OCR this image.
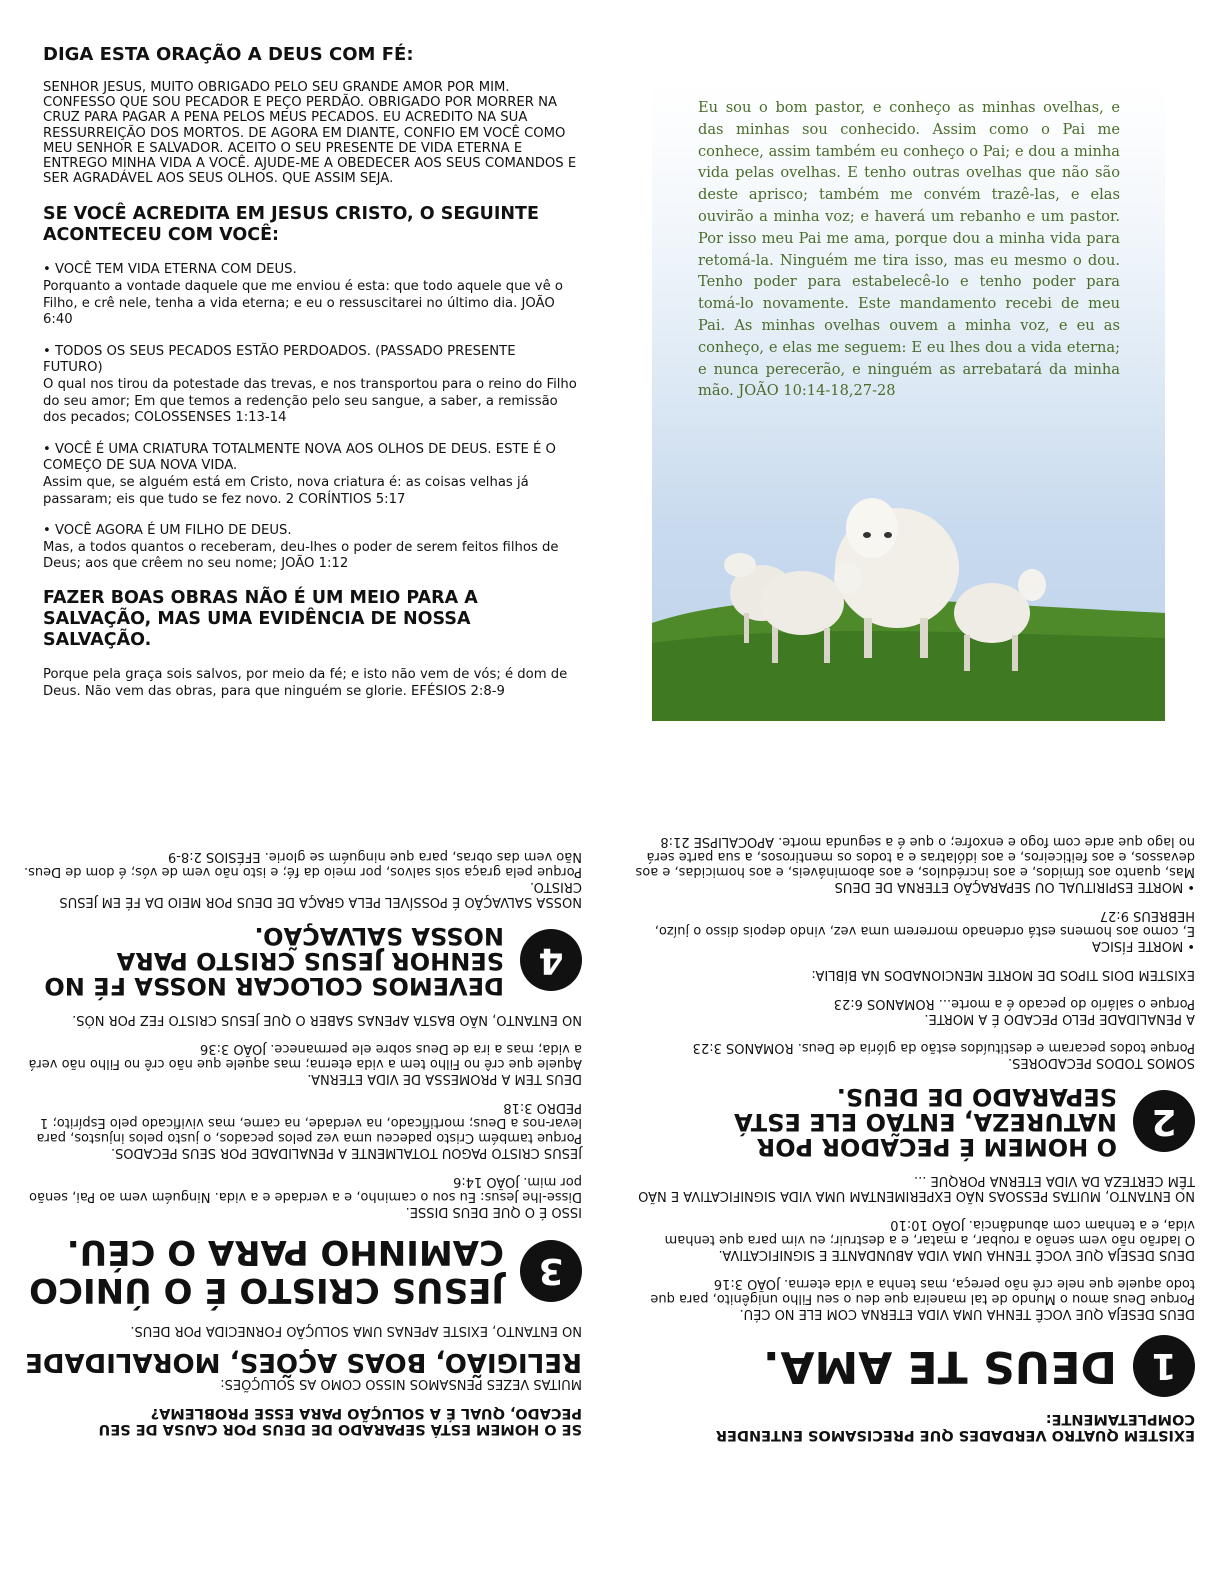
DIGA ESTA ORAÇÃO A DEUS COM FÉ:
SENHOR JESUS, MUITO OBRIGADO PELO SEU GRANDE AMOR POR MIM. CONFESSO QUE SOU PECADOR E PEÇO PERDÃO. OBRIGADO POR MORRER NA CRUZ PARA PAGAR A PENA PELOS MEUS PECADOS. EU ACREDITO NA SUA RESSURREIÇÃO DOS MORTOS. DE AGORA EM DIANTE, CONFIO EM VOCÊ COMO MEU SENHOR E SALVADOR. ACEITO O SEU PRESENTE DE VIDA ETERNA E ENTREGO MINHA VIDA A VOCÊ. AJUDE-ME A OBEDECER AOS SEUS COMANDOS E SER AGRADÁVEL AOS SEUS OLHOS. QUE ASSIM SEJA.
SE VOCÊ ACREDITA EM JESUS CRISTO, O SEGUINTE ACONTECEU COM VOCÊ:
• VOCÊ TEM VIDA ETERNA COM DEUS.
Porquanto a vontade daquele que me enviou é esta: que todo aquele que vê o Filho, e crê nele, tenha a vida eterna; e eu o ressuscitarei no último dia. JOÃO 6:40
• TODOS OS SEUS PECADOS ESTÃO PERDOADOS. (PASSADO PRESENTE FUTURO)
O qual nos tirou da potestade das trevas, e nos transportou para o reino do Filho do seu amor; Em que temos a redenção pelo seu sangue, a saber, a remissão dos pecados; COLOSSENSES 1:13-14
• VOCÊ É UMA CRIATURA TOTALMENTE NOVA AOS OLHOS DE DEUS. ESTE É O COMEÇO DE SUA NOVA VIDA.
Assim que, se alguém está em Cristo, nova criatura é: as coisas velhas já passaram; eis que tudo se fez novo. 2 CORÍNTIOS 5:17
• VOCÊ AGORA É UM FILHO DE DEUS.
Mas, a todos quantos o receberam, deu-lhes o poder de serem feitos filhos de Deus; aos que crêem no seu nome; JOÃO 1:12
FAZER BOAS OBRAS NÃO É UM MEIO PARA A SALVAÇÃO, MAS UMA EVIDÊNCIA DE NOSSA SALVAÇÃO.
Porque pela graça sois salvos, por meio da fé; e isto não vem de vós; é dom de Deus. Não vem das obras, para que ninguém se glorie. EFÉSIOS 2:8-9
Eu sou o bom pastor, e conheço as minhas ovelhas, e das minhas sou conhecido. Assim como o Pai me conhece, assim também eu conheço o Pai; e dou a minha vida pelas ovelhas. E tenho outras ovelhas que não são deste aprisco; também me convém trazê-las, e elas ouvirão a minha voz; e haverá um rebanho e um pastor. Por isso meu Pai me ama, porque dou a minha vida para retomá-la. Ninguém me tira isso, mas eu mesmo o dou. Tenho poder para estabelecê-lo e tenho poder para tomá-lo novamente. Este mandamento recebi de meu Pai. As minhas ovelhas ouvem a minha voz, e eu as conheço, e elas me seguem: E eu lhes dou a vida eterna; e nunca perecerão, e ninguém as arrebatará da minha mão. JOÃO 10:14-18,27-28
EXISTEM QUATRO VERDADES QUE PRECISAMOS ENTENDER COMPLETAMENTE:
1
DEUS TE AMA.
DEUS DESEJA QUE VOCÊ TENHA UMA VIDA ETERNA COM ELE NO CÉU.
Porque Deus amou o Mundo de tal maneira que deu o seu Filho unigênito, para que todo aquele que nele crê não pereça, mas tenha a vida eterna. JOÃO 3:16
DEUS DESEJA QUE VOCÊ TENHA UMA VIDA ABUNDANTE E SIGNIFICATIVA.
O ladrão não vem senão a roubar, a matar, e a destruir; eu vim para que tenham vida, e a tenham com abundância. JOÃO 10:10
NO ENTANTO, MUITAS PESSOAS NÃO EXPERIMENTAM UMA VIDA SIGNIFICATIVA E NÃO TÊM CERTEZA DA VIDA ETERNA PORQUE ...
2
O HOMEM É PECADOR POR NATUREZA, ENTÃO ELE ESTÁ SEPARADO DE DEUS.
SOMOS TODOS PECADORES.
Porque todos pecaram e destituídos estão da glória de Deus. ROMANOS 3:23
A PENALIDADE PELO PECADO É A MORTE.
Porque o salário do pecado é a morte... ROMANOS 6:23
EXISTEM DOIS TIPOS DE MORTE MENCIONADOS NA BÍBLIA:
• MORTE FÍSICA
E, como aos homens está ordenado morrerem uma vez, vindo depois disso o juízo, HEBREUS 9:27
• MORTE ESPIRITUAL OU SEPARAÇÃO ETERNA DE DEUS
Mas, quanto aos tímidos, e aos incrédulos, e aos abomináveis, e aos homicidas, e aos devassos, e aos feiticeiros, e aos idólatras e a todos os mentirosos, a sua parte será no lago que arde com fogo e enxofre; o que é a segunda morte. APOCALIPSE 21:8
SE O HOMEM ESTÁ SEPARADO DE DEUS POR CAUSA DE SEU PECADO, QUAL É A SOLUÇÃO PARA ESSE PROBLEMA?
MUITAS VEZES PENSAMOS NISSO COMO AS SOLUÇÕES:
RELIGIÃO, BOAS AÇÕES, MORALIDADE
NO ENTANTO, EXISTE APENAS UMA SOLUÇÃO FORNECIDA POR DEUS.
3
JESUS CRISTO É O ÚNICO CAMINHO PARA O CÉU.
ISSO É O QUE DEUS DISSE.
Disse-lhe Jesus: Eu sou o caminho, e a verdade e a vida. Ninguém vem ao Pai, senão por mim. JOÃO 14:6
JESUS CRISTO PAGOU TOTALMENTE A PENALIDADE POR SEUS PECADOS.
Porque também Cristo padeceu uma vez pelos pecados, o justo pelos injustos, para levar-nos a Deus; mortificado, na verdade, na carne, mas vivificado pelo Espírito; 1 PEDRO 3:18
DEUS TEM A PROMESSA DE VIDA ETERNA.
Aquele que crê no Filho tem a vida eterna; mas aquele que não crê no Filho não verá a vida; mas a ira de Deus sobre ele permanece. JOÃO 3:36
NO ENTANTO, NÃO BASTA APENAS SABER O QUE JESUS CRISTO FEZ POR NÓS.
4
DEVEMOS COLOCAR NOSSA FÉ NO SENHOR JESUS CRISTO PARA NOSSA SALVAÇÃO.
NOSSA SALVAÇÃO É POSSÍVEL PELA GRAÇA DE DEUS POR MEIO DA FÉ EM JESUS CRISTO.
Porque pela graça sois salvos, por meio da fé; e isto não vem de vós; é dom de Deus. Não vem das obras, para que ninguém se glorie. EFÉSIOS 2:8-9
